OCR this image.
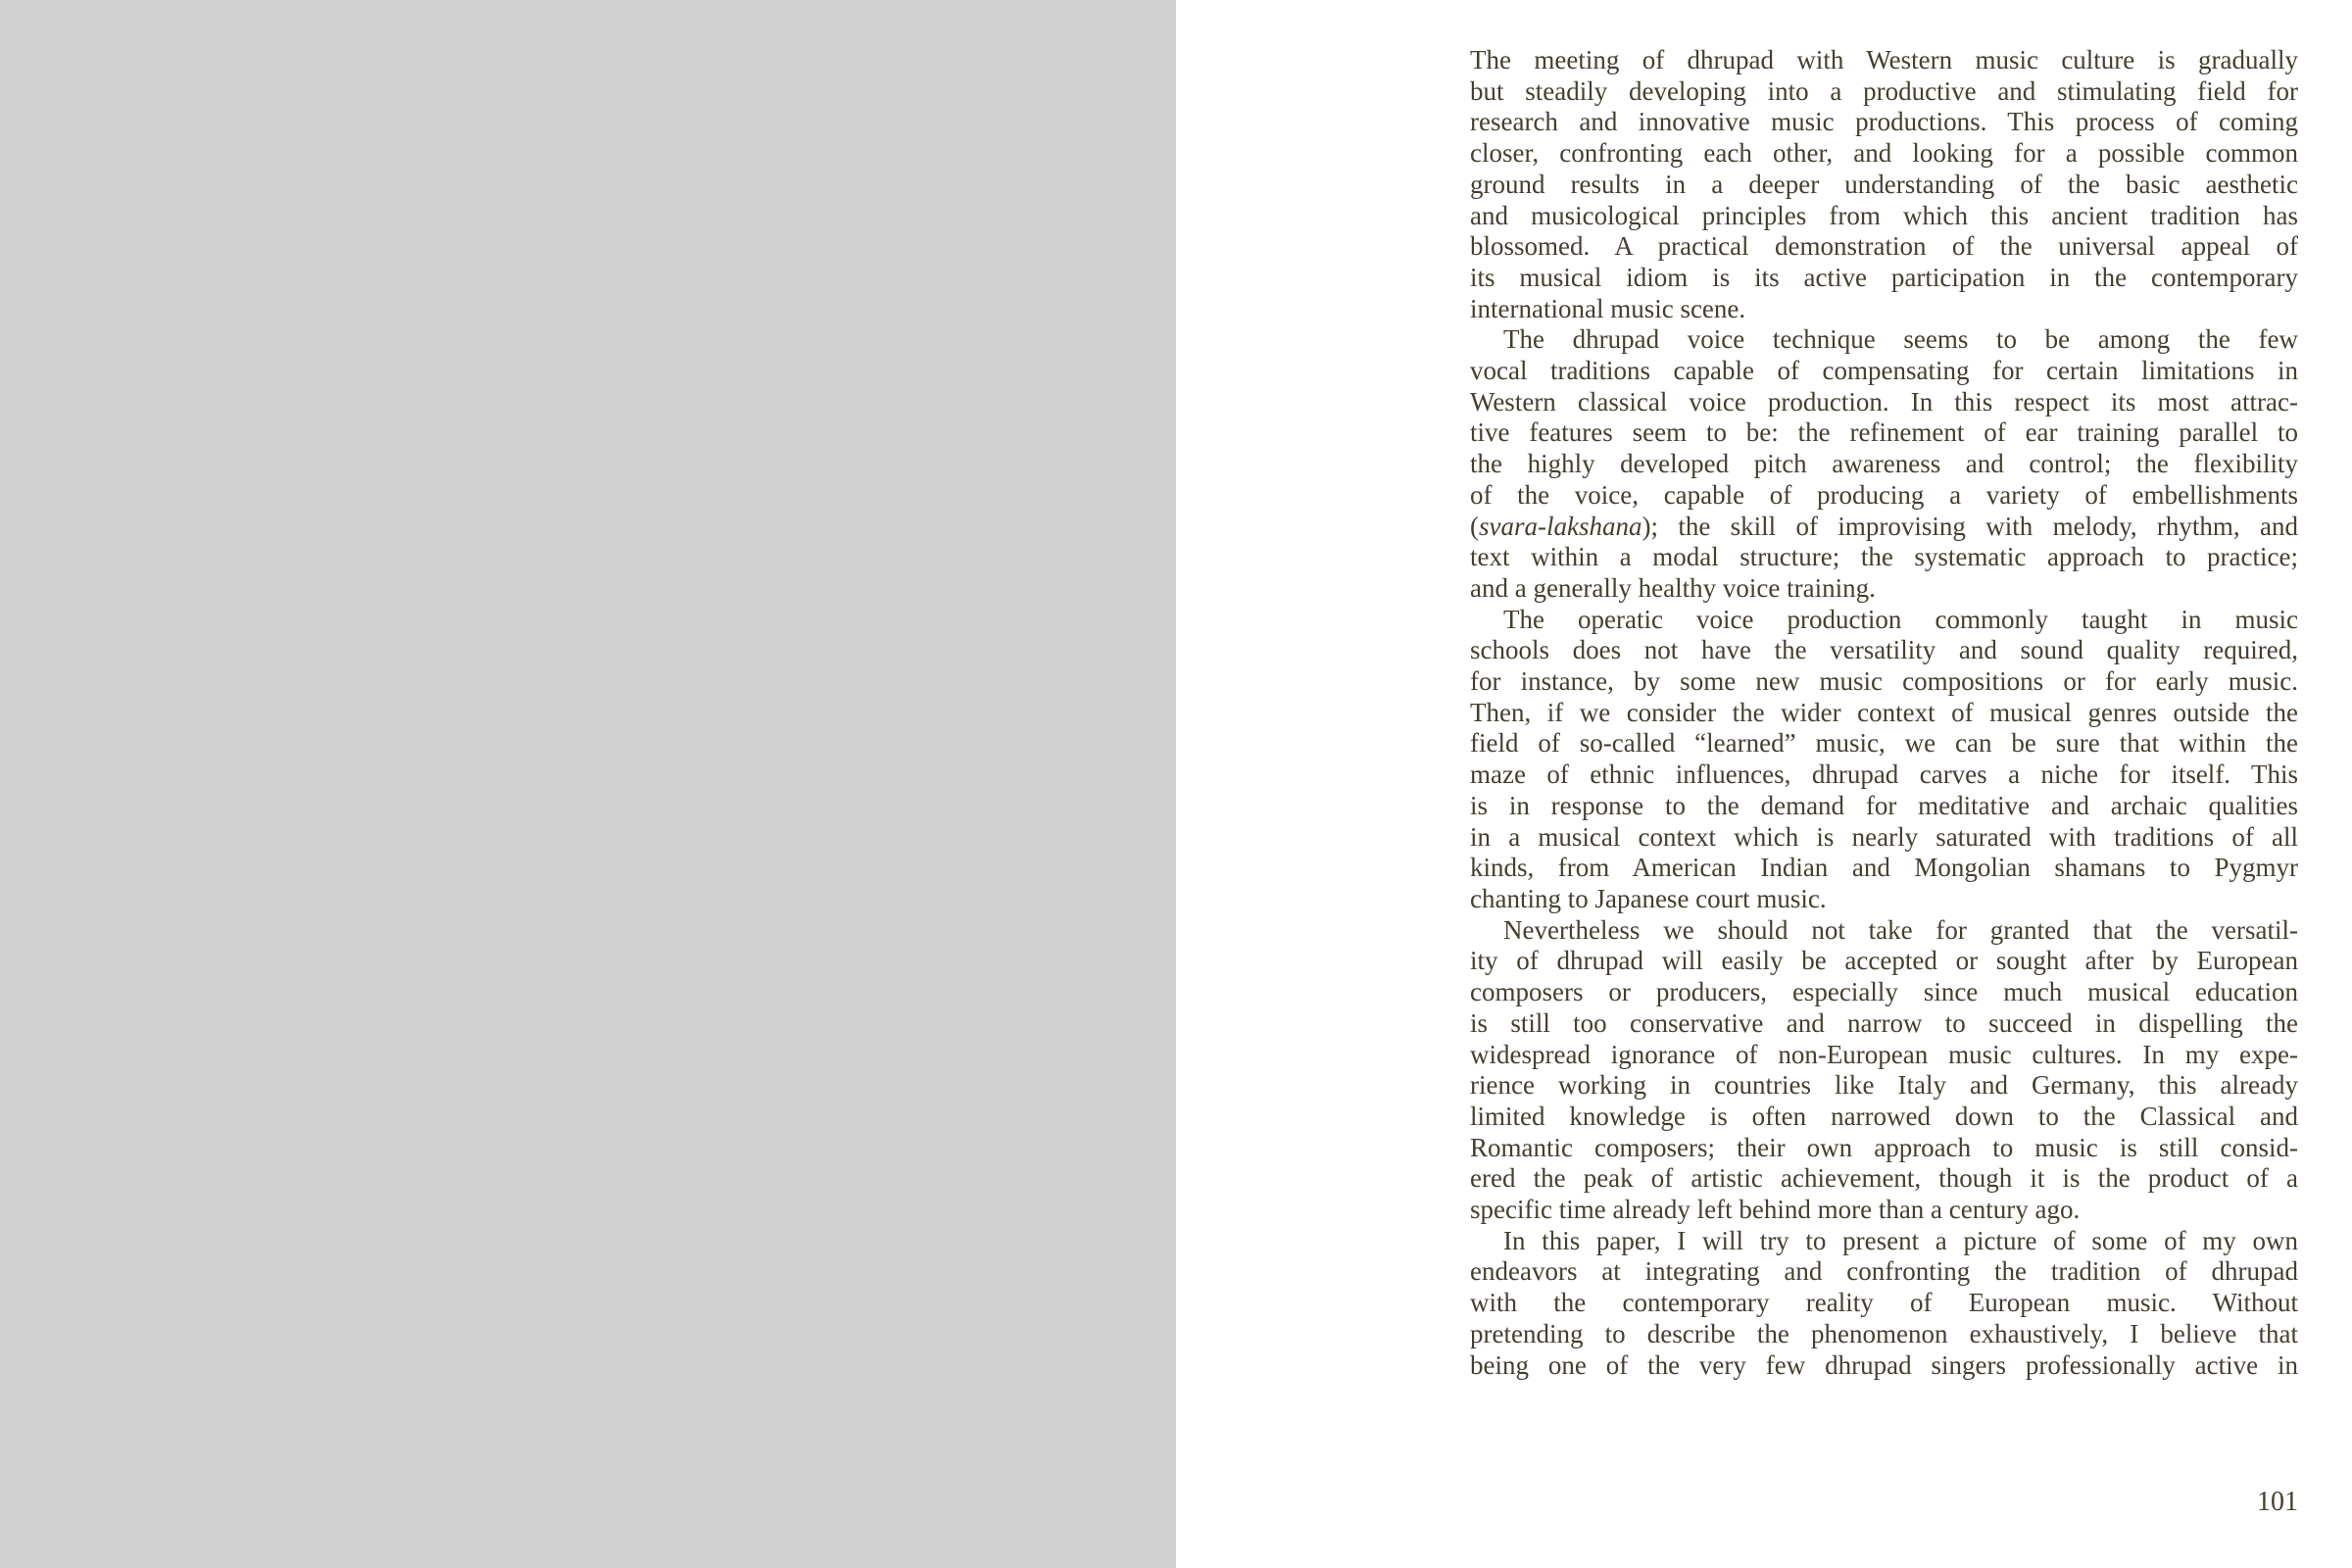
The meeting of dhrupad with Western music culture is gradually
but steadily developing into a productive and stimulating field for
research and innovative music productions. This process of coming
closer, confronting each other, and looking for a possible common
ground results in a deeper understanding of the basic aesthetic
and musicological principles from which this ancient tradition has
blossomed. A practical demonstration of the universal appeal of
its musical idiom is its active participation in the contemporary
international music scene.
The dhrupad voice technique seems to be among the few
vocal traditions capable of compensating for certain limitations in
Western classical voice production. In this respect its most attrac-
tive features seem to be: the refinement of ear training parallel to
the highly developed pitch awareness and control; the flexibility
of the voice, capable of producing a variety of embellishments
(svara-lakshana); the skill of improvising with melody, rhythm, and
text within a modal structure; the systematic approach to practice;
and a generally healthy voice training.
The operatic voice production commonly taught in music
schools does not have the versatility and sound quality required,
for instance, by some new music compositions or for early music.
Then, if we consider the wider context of musical genres outside the
field of so-called “learned” music, we can be sure that within the
maze of ethnic influences, dhrupad carves a niche for itself. This
is in response to the demand for meditative and archaic qualities
in a musical context which is nearly saturated with traditions of all
kinds, from American Indian and Mongolian shamans to Pygmyr
chanting to Japanese court music.
Nevertheless we should not take for granted that the versatil-
ity of dhrupad will easily be accepted or sought after by European
composers or producers, especially since much musical education
is still too conservative and narrow to succeed in dispelling the
widespread ignorance of non-European music cultures. In my expe-
rience working in countries like Italy and Germany, this already
limited knowledge is often narrowed down to the Classical and
Romantic composers; their own approach to music is still consid-
ered the peak of artistic achievement, though it is the product of a
specific time already left behind more than a century ago.
In this paper, I will try to present a picture of some of my own
endeavors at integrating and confronting the tradition of dhrupad
with the contemporary reality of European music. Without
pretending to describe the phenomenon exhaustively, I believe that
being one of the very few dhrupad singers professionally active in
101
